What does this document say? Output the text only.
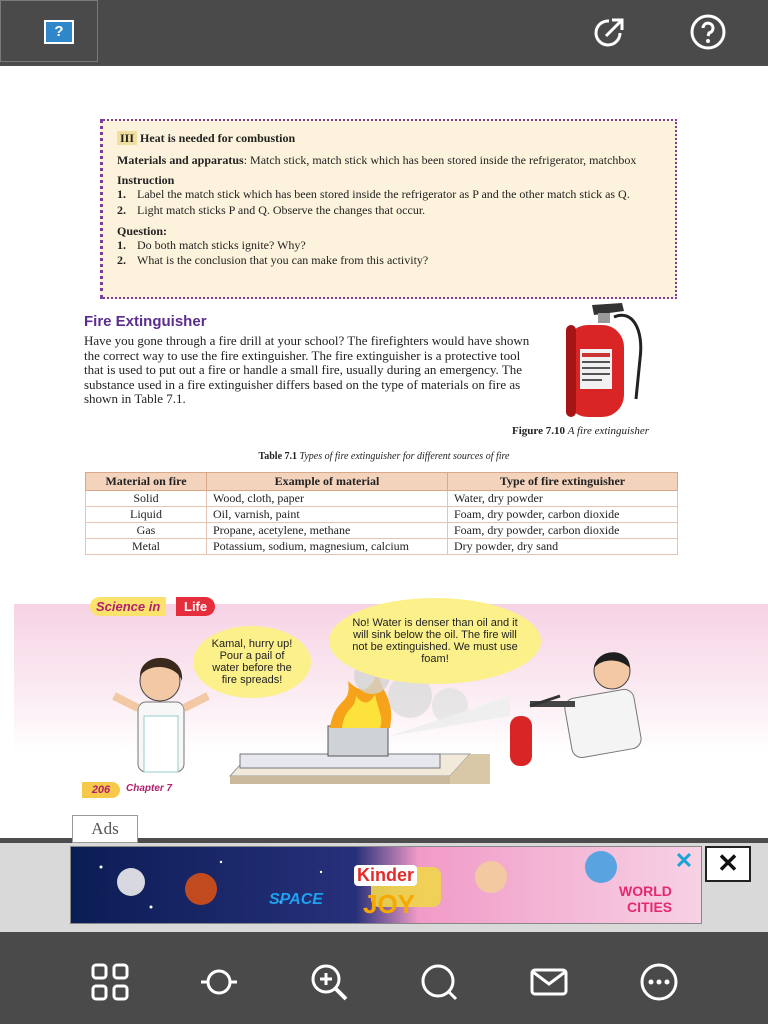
?

III Heat is needed for combustion

Materials and apparatus: Match stick, match stick which has been stored inside the refrigerator, matchbox

Instruction

1. Label the match stick which has been stored inside the refrigerator as P and the other match stick as Q.

2. Light match sticks P and Q. Observe the changes that occur.

Question:

1. Do both match sticks ignite? Why?

2. What is the conclusion that you can make from this activity?

Fire Extinguisher
Have you gone through a fire drill at your school? The firefighters would have shown the correct way to use the fire extinguisher. The fire extinguisher is a protective tool that is used to put out a fire or handle a small fire, usually during an emergency. The substance used in a fire extinguisher differs based on the type of materials on fire as shown in Table 7.1.
Figure 7.10 A fire extinguisher
Table 7.1 Types of fire extinguisher for different sources of fire
Material on fire	Example of material	Type of fire extinguisher
Solid	Wood, cloth, paper	Water, dry powder
Liquid	Oil, varnish, paint	Foam, dry powder, carbon dioxide
Gas	Propane, acetylene, methane	Foam, dry powder, carbon dioxide
Metal	Potassium, sodium, magnesium, calcium	Dry powder, dry sand
Science in	Life
Kamal, hurry up! Pour a pail of water before the fire spreads!
No! Water is denser than oil and it will sink below the oil. The fire will not be extinguished. We must use foam!
206	Chapter 7
Ads
SPACE
Kinder
JOY	WORLD
CITIES
✕ ✕
